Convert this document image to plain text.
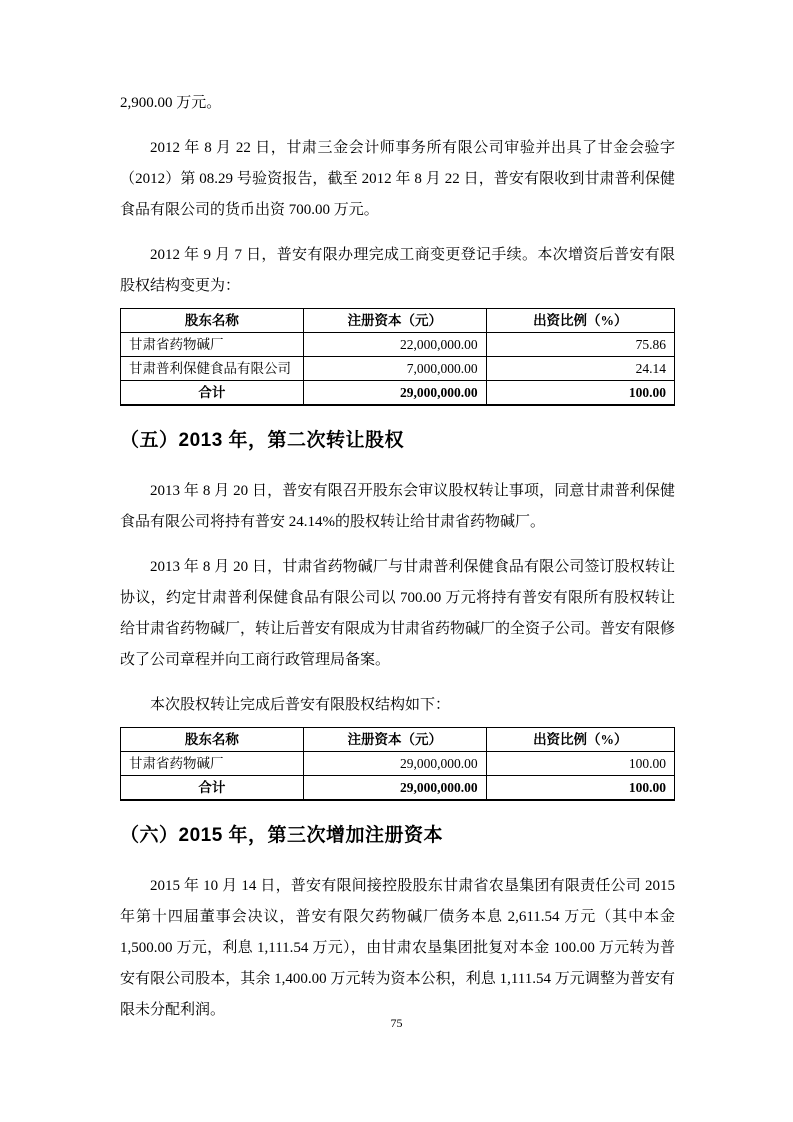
2,900.00 万元。

2012 年 8 月 22 日，甘肃三金会计师事务所有限公司审验并出具了甘金会验字（2012）第 08.29 号验资报告，截至 2012 年 8 月 22 日，普安有限收到甘肃普利保健食品有限公司的货币出资 700.00 万元。

2012 年 9 月 7 日，普安有限办理完成工商变更登记手续。本次增资后普安有限股权结构变更为：

股东名称	注册资本（元）	出资比例（%）
甘肃省药物碱厂	22,000,000.00	75.86
甘肃普利保健食品有限公司	7,000,000.00	24.14
合计	29,000,000.00	100.00
（五）2013 年，第二次转让股权

2013 年 8 月 20 日，普安有限召开股东会审议股权转让事项，同意甘肃普利保健食品有限公司将持有普安 24.14%的股权转让给甘肃省药物碱厂。

2013 年 8 月 20 日，甘肃省药物碱厂与甘肃普利保健食品有限公司签订股权转让协议，约定甘肃普利保健食品有限公司以 700.00 万元将持有普安有限所有股权转让给甘肃省药物碱厂，转让后普安有限成为甘肃省药物碱厂的全资子公司。普安有限修改了公司章程并向工商行政管理局备案。

本次股权转让完成后普安有限股权结构如下：

股东名称	注册资本（元）	出资比例（%）
甘肃省药物碱厂	29,000,000.00	100.00
合计	29,000,000.00	100.00
（六）2015 年，第三次增加注册资本

2015 年 10 月 14 日，普安有限间接控股股东甘肃省农垦集团有限责任公司 2015 年第十四届董事会决议，普安有限欠药物碱厂债务本息 2,611.54 万元（其中本金 1,500.00 万元，利息 1,111.54 万元），由甘肃农垦集团批复对本金 100.00 万元转为普安有限公司股本，其余 1,400.00 万元转为资本公积，利息 1,111.54 万元调整为普安有限未分配利润。

75
